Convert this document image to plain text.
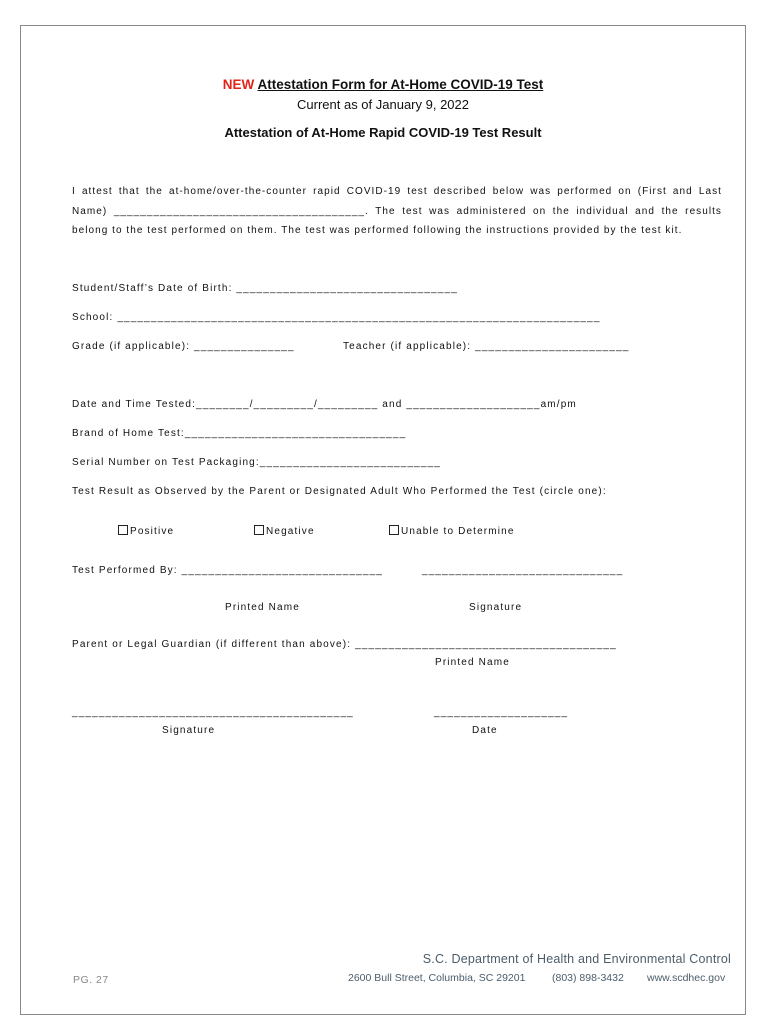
NEW Attestation Form for At-Home COVID-19 Test
Current as of January 9, 2022
Attestation of At-Home Rapid COVID-19 Test Result
I attest that the at-home/over-the-counter rapid COVID-19 test described below was performed on (First and Last Name) ______________________________________. The test was administered on the individual and the results belong to the test performed on them. The test was performed following the instructions provided by the test kit.
Student/Staff’s Date of Birth: _________________________________
School: ________________________________________________________________________
Grade (if applicable): _______________	Teacher (if applicable): _______________________
Date and Time Tested:________/_________/_________ and ____________________am/pm
Brand of Home Test:_________________________________
Serial Number on Test Packaging:___________________________
Test Result as Observed by the Parent or Designated Adult Who Performed the Test (circle one):
Positive	Negative	Unable to Determine
Test Performed By: ______________________________	______________________________
Printed Name	Signature
Parent or Legal Guardian (if different than above): _______________________________________
Printed Name
__________________________________________	____________________
Signature	Date
PG. 27
S.C. Department of Health and Environmental Control
2600 Bull Street, Columbia, SC 29201	(803) 898-3432 www.scdhec.gov
